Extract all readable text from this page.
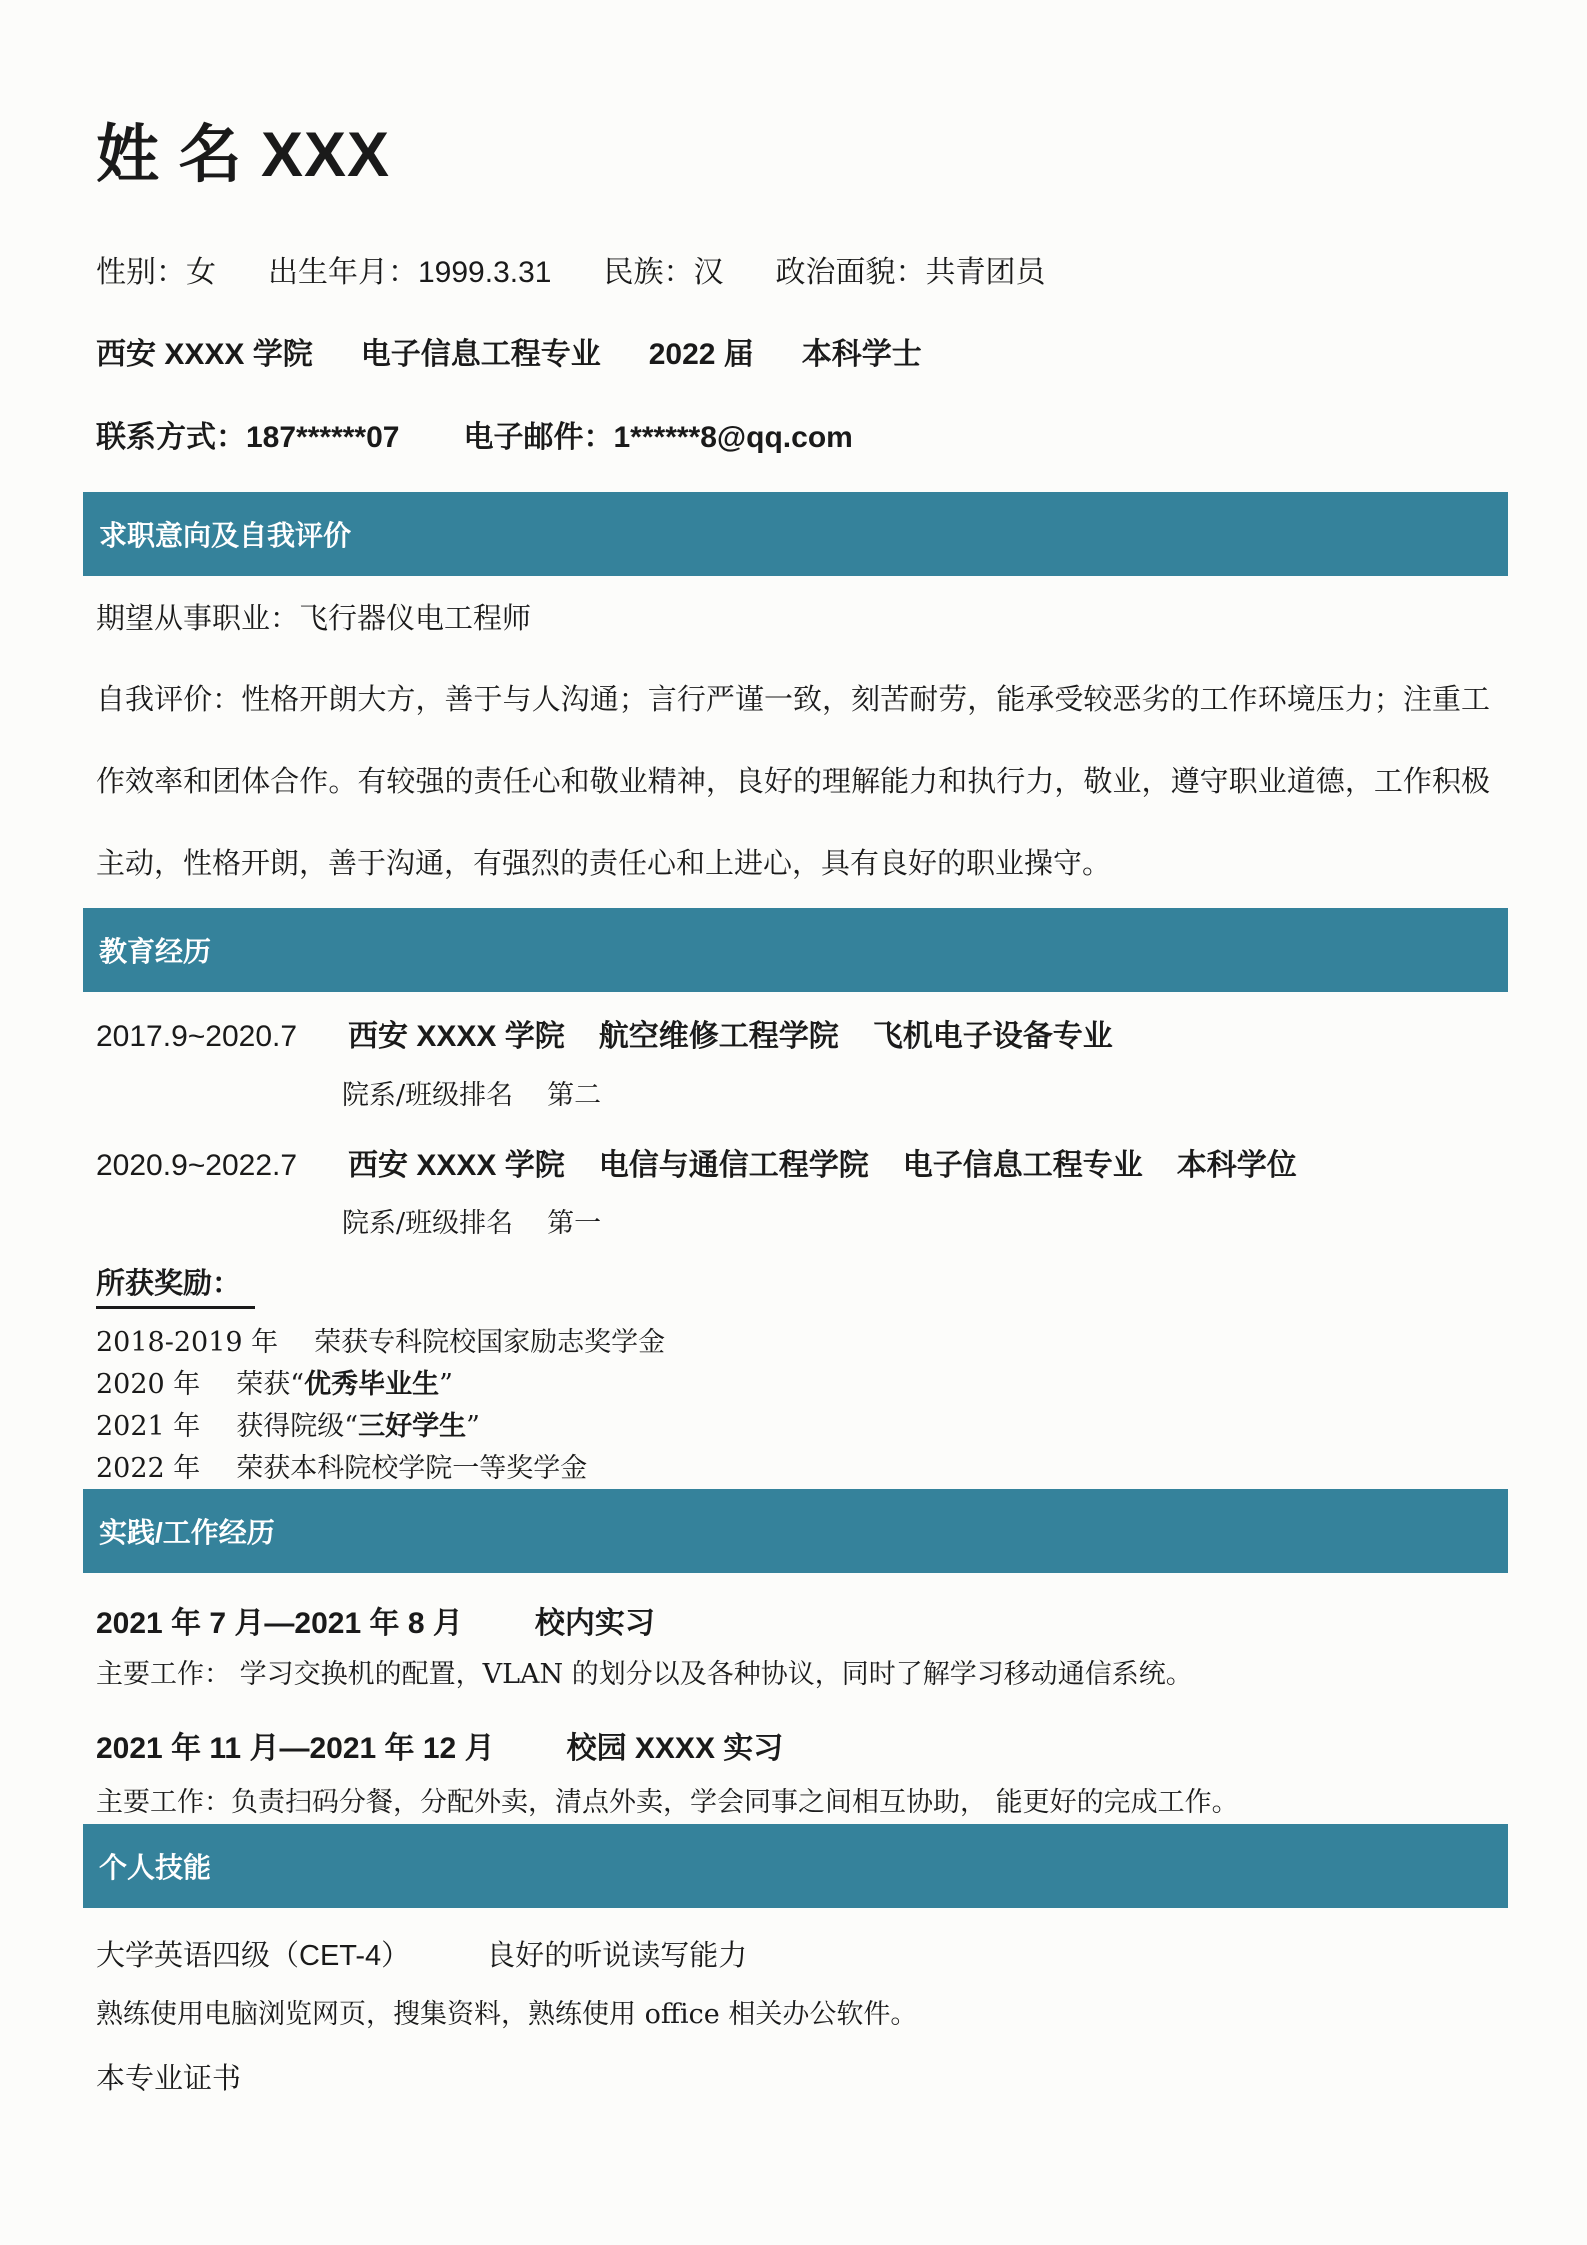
姓 名 XXX
性别：女 出生年月：1999.3.31 民族：汉 政治面貌：共青团员
西安 XXXX 学院 电子信息工程专业 2022 届 本科学士
联系方式：187******07 电子邮件：1******8@qq.com
求职意向及自我评价
期望从事职业：飞行器仪电工程师
自我评价：性格开朗大方，善于与人沟通；言行严谨一致，刻苦耐劳，能承受较恶劣的工作环境压力；注重工作效率和团体合作。有较强的责任心和敬业精神，良好的理解能力和执行力，敬业，遵守职业道德，工作积极主动，性格开朗，善于沟通，有强烈的责任心和上进心，具有良好的职业操守。
教育经历
2017.9~2020.7	西安 XXXX 学院 航空维修工程学院 飞机电子设备专业
院系/班级排名 第二
2020.9~2022.7	西安 XXXX 学院 电信与通信工程学院 电子信息工程专业 本科学位
院系/班级排名 第一
所获奖励：
2018-2019 年 荣获专科院校国家励志奖学金
2020 年 荣获“优秀毕业生”
2021 年 获得院级“三好学生”
2022 年 荣获本科院校学院一等奖学金
实践/工作经历
2021 年 7 月—2021 年 8 月 校内实习
主要工作： 学习交换机的配置，VLAN 的划分以及各种协议，同时了解学习移动通信系统。
2021 年 11 月—2021 年 12 月 校园 XXXX 实习
主要工作：负责扫码分餐，分配外卖，清点外卖，学会同事之间相互协助， 能更好的完成工作。
个人技能
大学英语四级（CET-4）	良好的听说读写能力
熟练使用电脑浏览网页，搜集资料，熟练使用 office 相关办公软件。
本专业证书
